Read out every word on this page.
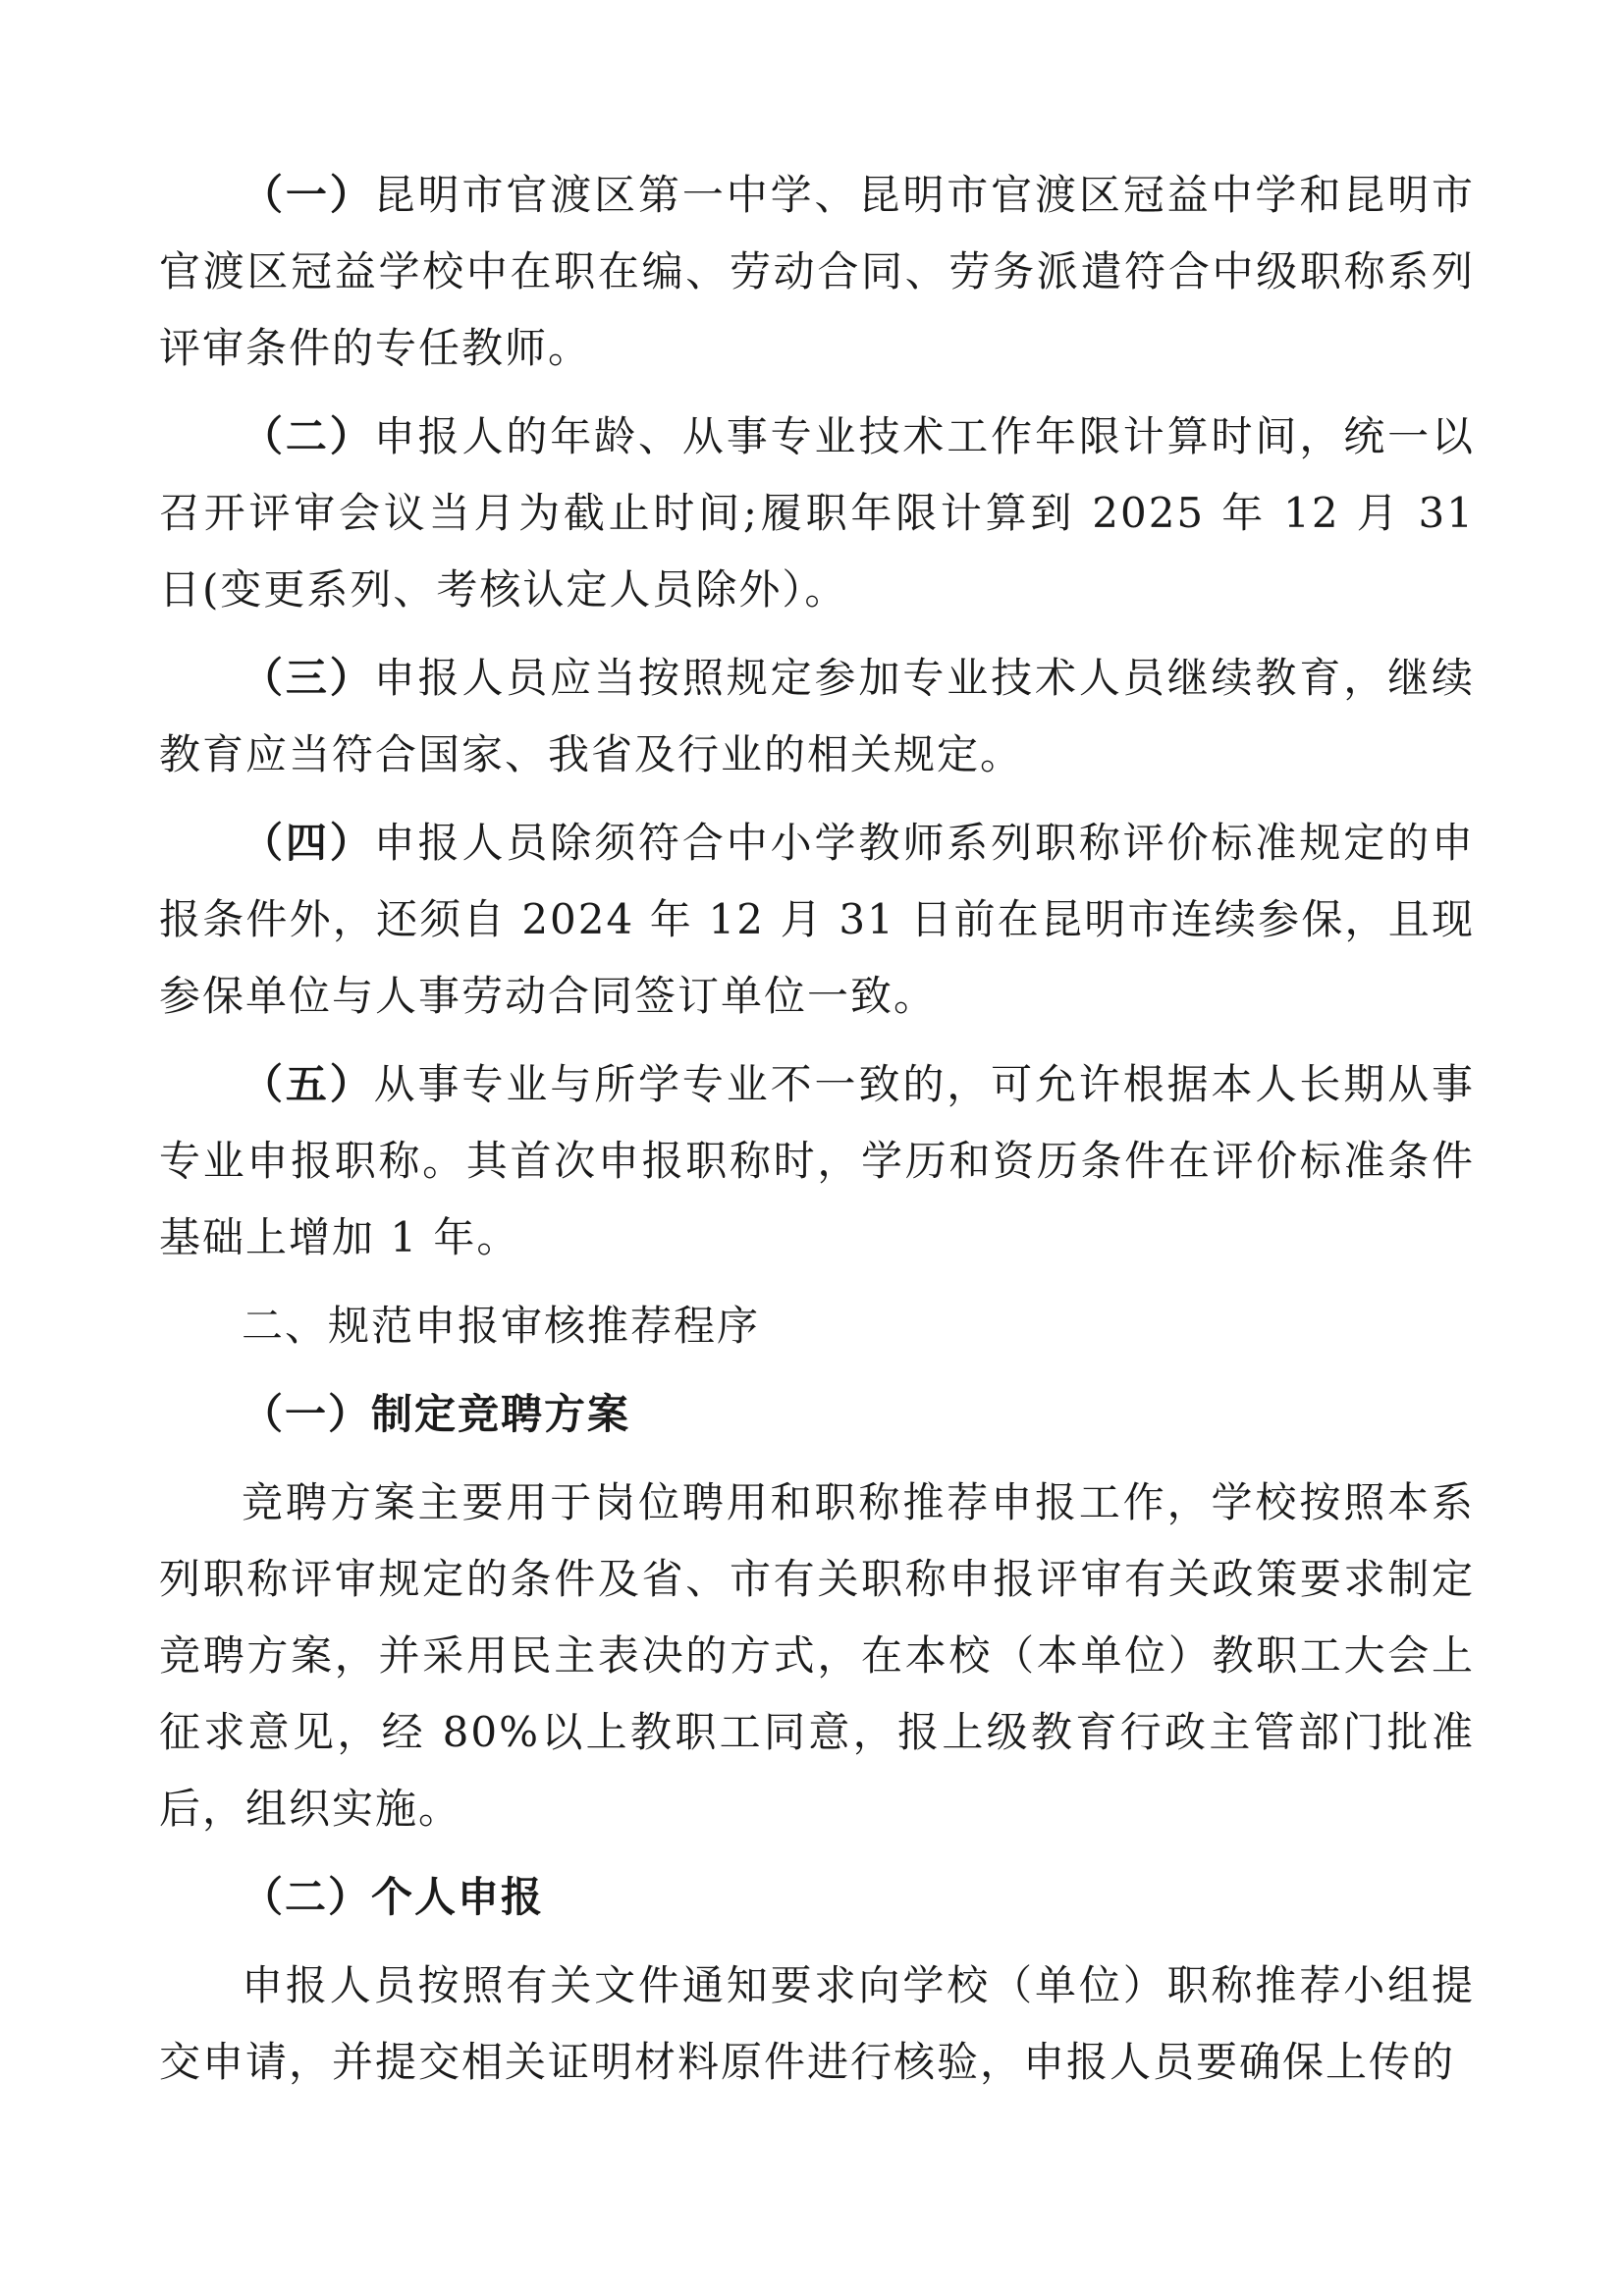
（一）昆明市官渡区第一中学、昆明市官渡区冠益中学和昆明市官渡区冠益学校中在职在编、劳动合同、劳务派遣符合中级职称系列评审条件的专任教师。

（二）申报人的年龄、从事专业技术工作年限计算时间，统一以召开评审会议当月为截止时间;履职年限计算到 2025 年 12 月 31 日(变更系列、考核认定人员除外）。

（三）申报人员应当按照规定参加专业技术人员继续教育，继续教育应当符合国家、我省及行业的相关规定。

（四）申报人员除须符合中小学教师系列职称评价标准规定的申报条件外，还须自 2024 年 12 月 31 日前在昆明市连续参保，且现参保单位与人事劳动合同签订单位一致。

（五）从事专业与所学专业不一致的，可允许根据本人长期从事专业申报职称。其首次申报职称时，学历和资历条件在评价标准条件基础上增加 1 年。

二、规范申报审核推荐程序

（一）制定竞聘方案

竞聘方案主要用于岗位聘用和职称推荐申报工作，学校按照本系列职称评审规定的条件及省、市有关职称申报评审有关政策要求制定竞聘方案，并采用民主表决的方式，在本校（本单位）教职工大会上征求意见，经 80%以上教职工同意，报上级教育行政主管部门批准后，组织实施。

（二）个人申报

申报人员按照有关文件通知要求向学校（单位）职称推荐小组提交申请，并提交相关证明材料原件进行核验，申报人员要确保上传的
